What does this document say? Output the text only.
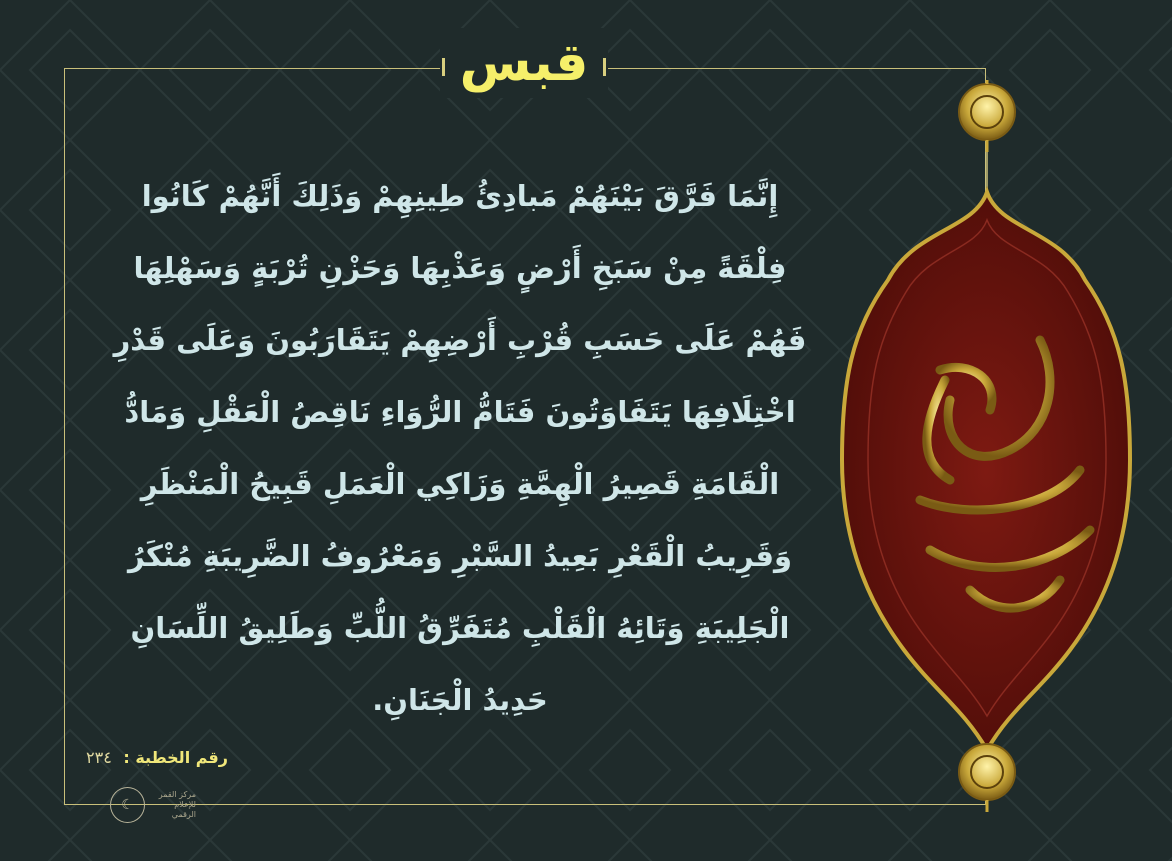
قبس
إِنَّمَا فَرَّقَ بَيْنَهُمْ مَبادِئُ طِينِهِمْ وَذَلِكَ أَنَّهُمْ كَانُوا
فِلْقَةً مِنْ سَبَخِ أَرْضٍ وَعَذْبِهَا وَحَزْنِ تُرْبَةٍ وَسَهْلِهَا
فَهُمْ عَلَى حَسَبِ قُرْبِ أَرْضِهِمْ يَتَقَارَبُونَ وَعَلَى قَدْرِ
اخْتِلَافِهَا يَتَفَاوَتُونَ فَتَامُّ الرُّوَاءِ نَاقِصُ الْعَقْلِ وَمَادُّ
الْقَامَةِ قَصِيرُ الْهِمَّةِ وَزَاكِي الْعَمَلِ قَبِيحُ الْمَنْظَرِ
وَقَرِيبُ الْقَعْرِ بَعِيدُ السَّبْرِ وَمَعْرُوفُ الضَّرِيبَةِ مُنْكَرُ
الْجَلِيبَةِ وَتَائِهُ الْقَلْبِ مُتَفَرِّقُ اللُّبِّ وَطَلِيقُ اللِّسَانِ
حَدِيدُ الْجَنَانِ.
رقم الخطبة : ٢٣٤
☾
مركز القمر
للإعلام الرقمي
